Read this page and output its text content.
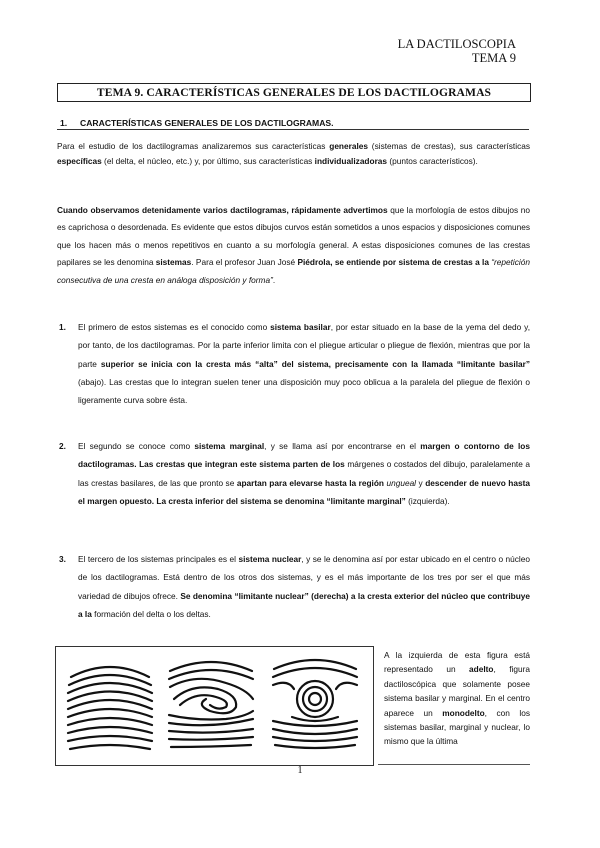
LA DACTILOSCOPIA
TEMA 9
TEMA 9. CARACTERÍSTICAS GENERALES DE LOS DACTILOGRAMAS
1. CARACTERÍSTICAS GENERALES DE LOS DACTILOGRAMAS.
Para el estudio de los dactilogramas analizaremos sus características generales (sistemas de crestas), sus características específicas (el delta, el núcleo, etc.) y, por último, sus características individualizadoras (puntos característicos).
Cuando observamos detenidamente varios dactilogramas, rápidamente advertimos que la morfología de estos dibujos no es caprichosa o desordenada. Es evidente que estos dibujos curvos están sometidos a unos espacios y disposiciones comunes que los hacen más o menos repetitivos en cuanto a su morfología general. A estas disposiciones comunes de las crestas papilares se les denomina sistemas. Para el profesor Juan José Piédrola, se entiende por sistema de crestas a la “repetición consecutiva de una cresta en análoga disposición y forma”.
1. El primero de estos sistemas es el conocido como sistema basilar, por estar situado en la base de la yema del dedo y, por tanto, de los dactilogramas. Por la parte inferior limita con el pliegue articular o pliegue de flexión, mientras que por la parte superior se inicia con la cresta más “alta” del sistema, precisamente con la llamada “limitante basilar” (abajo). Las crestas que lo integran suelen tener una disposición muy poco oblicua a la paralela del pliegue de flexión o ligeramente curva sobre ésta.
2. El segundo se conoce como sistema marginal, y se llama así por encontrarse en el margen o contorno de los dactilogramas. Las crestas que integran este sistema parten de los márgenes o costados del dibujo, paralelamente a las crestas basilares, de las que pronto se apartan para elevarse hasta la región ungueal y descender de nuevo hasta el margen opuesto. La cresta inferior del sistema se denomina “limitante marginal” (izquierda).
3. El tercero de los sistemas principales es el sistema nuclear, y se le denomina así por estar ubicado en el centro o núcleo de los dactilogramas. Está dentro de los otros dos sistemas, y es el más importante de los tres por ser el que más variedad de dibujos ofrece. Se denomina “limitante nuclear” (derecha) a la cresta exterior del núcleo que contribuye a la formación del delta o los deltas.
A la izquierda de esta figura está representado un adelto, figura dactiloscópica que solamente posee sistema basilar y marginal. En el centro aparece un monodelto, con los sistemas basilar, marginal y nuclear, lo mismo que la última
1
